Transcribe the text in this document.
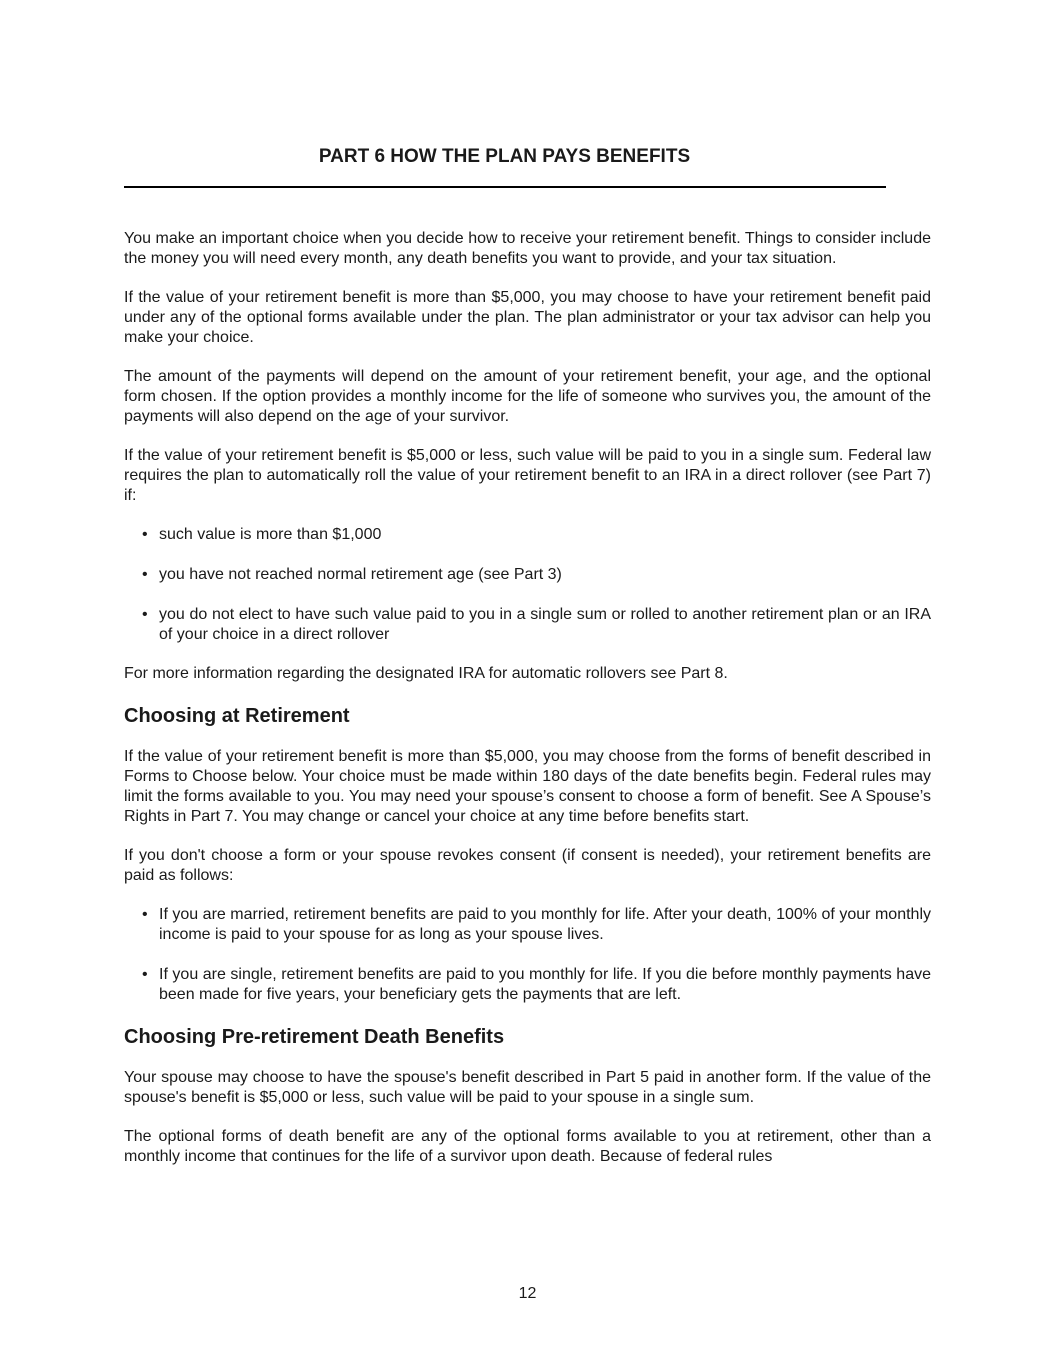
PART 6 HOW THE PLAN PAYS BENEFITS

You make an important choice when you decide how to receive your retirement benefit. Things to consider include the money you will need every month, any death benefits you want to provide, and your tax situation.

If the value of your retirement benefit is more than $5,000, you may choose to have your retirement benefit paid under any of the optional forms available under the plan. The plan administrator or your tax advisor can help you make your choice.

The amount of the payments will depend on the amount of your retirement benefit, your age, and the optional form chosen. If the option provides a monthly income for the life of someone who survives you, the amount of the payments will also depend on the age of your survivor.

If the value of your retirement benefit is $5,000 or less, such value will be paid to you in a single sum. Federal law requires the plan to automatically roll the value of your retirement benefit to an IRA in a direct rollover (see Part 7) if:

• such value is more than $1,000
• you have not reached normal retirement age (see Part 3)
• you do not elect to have such value paid to you in a single sum or rolled to another retirement plan or an IRA of your choice in a direct rollover

For more information regarding the designated IRA for automatic rollovers see Part 8.

Choosing at Retirement

If the value of your retirement benefit is more than $5,000, you may choose from the forms of benefit described in Forms to Choose below. Your choice must be made within 180 days of the date benefits begin. Federal rules may limit the forms available to you. You may need your spouse’s consent to choose a form of benefit. See A Spouse’s Rights in Part 7. You may change or cancel your choice at any time before benefits start.

If you don't choose a form or your spouse revokes consent (if consent is needed), your retirement benefits are paid as follows:

• If you are married, retirement benefits are paid to you monthly for life. After your death, 100% of your monthly income is paid to your spouse for as long as your spouse lives.
• If you are single, retirement benefits are paid to you monthly for life. If you die before monthly payments have been made for five years, your beneficiary gets the payments that are left.
Choosing Pre-retirement Death Benefits

Your spouse may choose to have the spouse's benefit described in Part 5 paid in another form. If the value of the spouse's benefit is $5,000 or less, such value will be paid to your spouse in a single sum.

The optional forms of death benefit are any of the optional forms available to you at retirement, other than a monthly income that continues for the life of a survivor upon death. Because of federal rules

12
